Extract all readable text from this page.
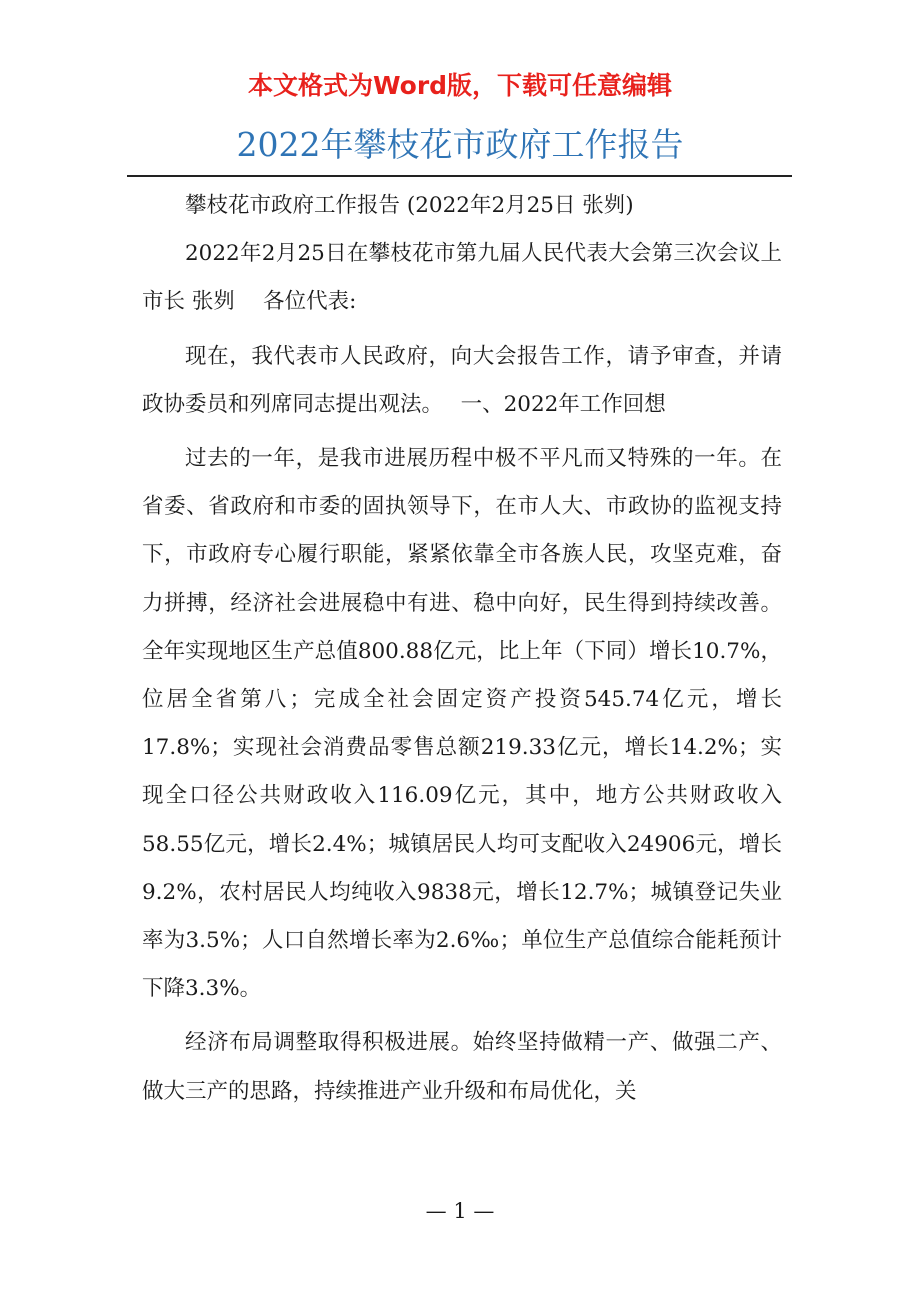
本文格式为Word版，下载可任意编辑
2022年攀枝花市政府工作报告

攀枝花市政府工作报告 (2022年2月25日 张刿)

2022年2月25日在攀枝花市第九届人民代表大会第三次会议上　 市长 张刿　 各位代表:

现在，我代表市人民政府，向大会报告工作，请予审查，并请政协委员和列席同志提出观法。　 一、2022年工作回想

过去的一年，是我市进展历程中极不平凡而又特殊的一年。在省委、省政府和市委的固执领导下，在市人大、市政协的监视支持下，市政府专心履行职能，紧紧依靠全市各族人民，攻坚克难，奋力拼搏，经济社会进展稳中有进、稳中向好，民生得到持续改善。全年实现地区生产总值800.88亿元，比上年（下同）增长10.7%，位居全省第八；完成全社会固定资产投资545.74亿元，增长17.8%；实现社会消费品零售总额219.33亿元，增长14.2%；实现全口径公共财政收入116.09亿元，其中，地方公共财政收入58.55亿元，增长2.4%；城镇居民人均可支配收入24906元，增长9.2%，农村居民人均纯收入9838元，增长12.7%；城镇登记失业率为3.5%；人口自然增长率为2.6‰；单位生产总值综合能耗预计下降3.3%。

经济布局调整取得积极进展。始终坚持做精一产、做强二产、做大三产的思路，持续推进产业升级和布局优化，关

— 1 —
